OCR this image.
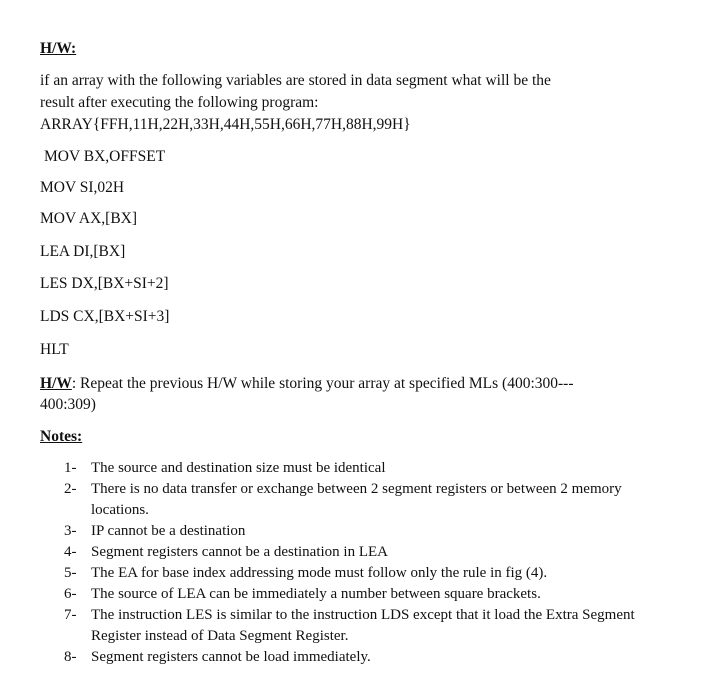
H/W:
if an array with the following variables are stored in data segment what will be the
result after executing the following program:
ARRAY{FFH,11H,22H,33H,44H,55H,66H,77H,88H,99H}
MOV BX,OFFSET
MOV SI,02H
MOV AX,[BX]
LEA DI,[BX]
LES DX,[BX+SI+2]
LDS CX,[BX+SI+3]
HLT
H/W: Repeat the previous H/W while storing your array at specified MLs (400:300---
400:309)
Notes:
1- The source and destination size must be identical
2- There is no data transfer or exchange between 2 segment registers or between 2 memory locations.
3- IP cannot be a destination
4- Segment registers cannot be a destination in LEA
5- The EA for base index addressing mode must follow only the rule in fig (4).
6- The source of LEA can be immediately a number between square brackets.
7- The instruction LES is similar to the instruction LDS except that it load the Extra Segment Register instead of Data Segment Register.
8- Segment registers cannot be load immediately.
